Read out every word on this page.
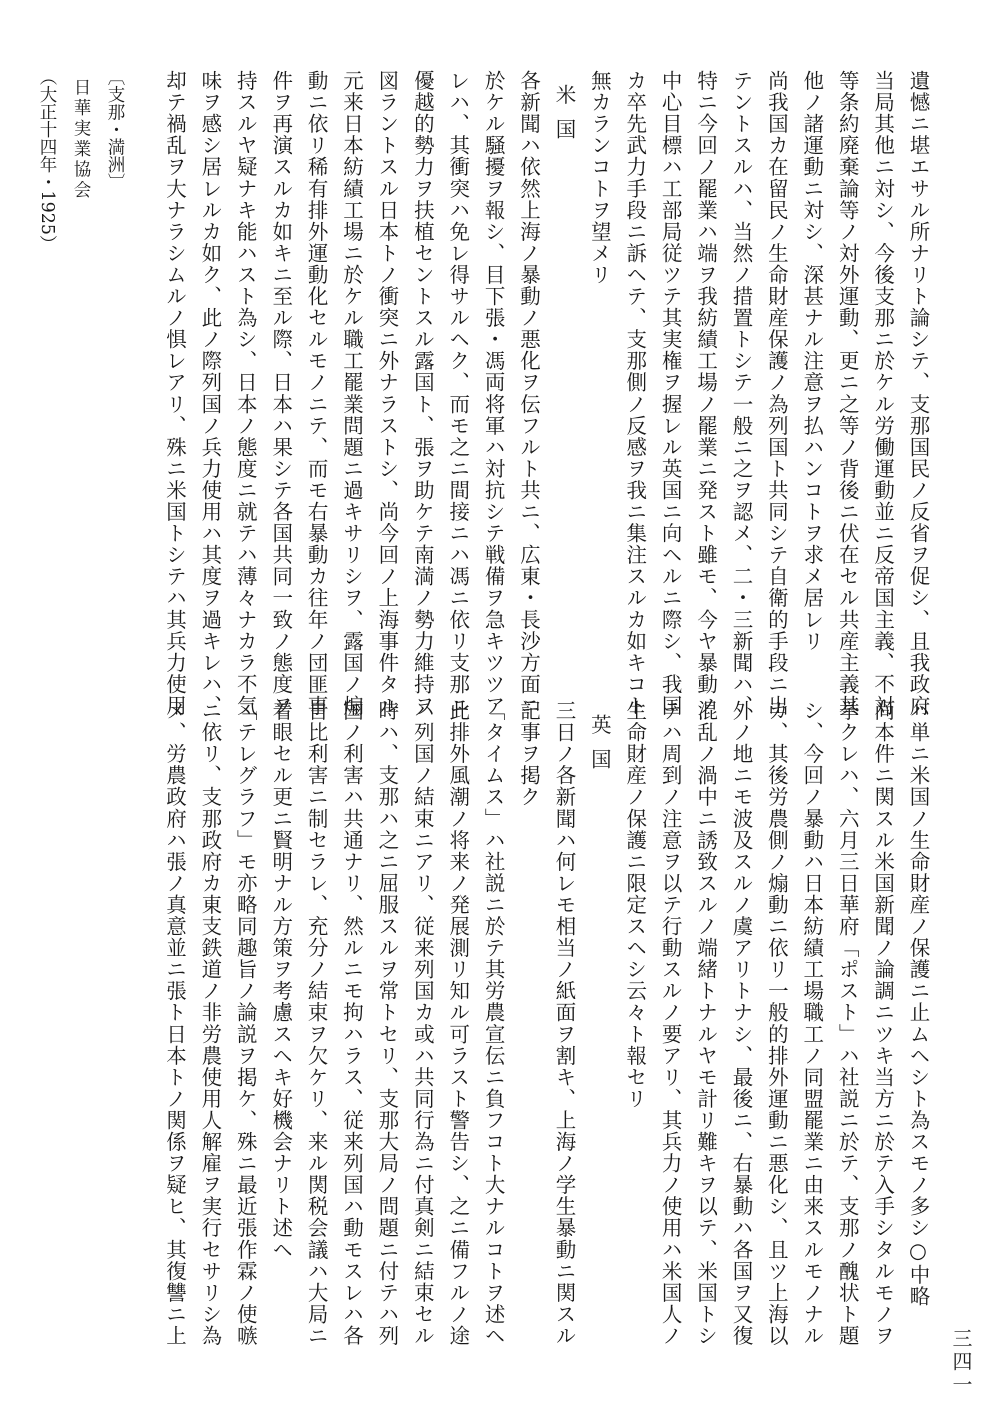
遺憾ニ堪エサル所ナリト論シテ、支那国民ノ反省ヲ促シ、且我政府
当局其他ニ対シ、今後支那ニ於ケル労働運動並ニ反帝国主義、不対
等条約廃棄論等ノ対外運動、更ニ之等ノ背後ニ伏在セル共産主義其
他ノ諸運動ニ対シ、深甚ナル注意ヲ払ハンコトヲ求メ居レリ
尚我国カ在留民ノ生命財産保護ノ為列国ト共同シテ自衛的手段ニ出
テントスルハ、当然ノ措置トシテ一般ニ之ヲ認メ、二・三新聞ハ、
特ニ今回ノ罷業ハ端ヲ我紡績工場ノ罷業ニ発スト雖モ、今ヤ暴動ノ
中心目標ハ工部局従ツテ其実権ヲ握レル英国ニ向ヘルニ際シ、我国
カ卒先武力手段ニ訴ヘテ、支那側ノ反感ヲ我ニ集注スルカ如キコト
無カランコトヲ望メリ
米国
各新聞ハ依然上海ノ暴動ノ悪化ヲ伝フルト共ニ、広東・長沙方面ニ
於ケル騒擾ヲ報シ、目下張・馮両将軍ハ対抗シテ戦備ヲ急キツツア
レハ、其衝突ハ免レ得サルヘク、而モ之ニ間接ニハ馮ニ依リ支那ニ
優越的勢力ヲ扶植セントスル露国ト、張ヲ助ケテ南満ノ勢力維持ヲ
図ラントスル日本トノ衝突ニ外ナラストシ、尚今回ノ上海事件タル
元来日本紡績工場ニ於ケル職工罷業問題ニ過キサリシヲ、露国ノ煽
動ニ依リ稀有排外運動化セルモノニテ、而モ右暴動カ往年ノ団匪事
件ヲ再演スルカ如キニ至ル際、日本ハ果シテ各国共同一致ノ態度ヲ
持スルヤ疑ナキ能ハスト為シ、日本ノ態度ニ就テハ薄々ナカラ不気
味ヲ感シ居レルカ如ク、此ノ際列国ノ兵力使用ハ其度ヲ過キレハ、
却テ禍乱ヲ大ナラシムルノ惧レアリ、殊ニ米国トシテハ其兵力使用
ハ単ニ米国ノ生命財産ノ保護ニ止ムヘシト為スモノ多シ○中略
尚本件ニ関スル米国新聞ノ論調ニツキ当方ニ於テ入手シタルモノヲ
挙クレハ、六月三日華府「ポスト」ハ社説ニ於テ、支那ノ醜状ト題
シ、今回ノ暴動ハ日本紡績工場職工ノ同盟罷業ニ由来スルモノナル
カ、其後労農側ノ煽動ニ依リ一般的排外運動ニ悪化シ、且ツ上海以
外ノ地ニモ波及スルノ虞アリトナシ、最後ニ、右暴動ハ各国ヲ又復
混乱ノ渦中ニ誘致スルノ端緒トナルヤモ計リ難キヲ以テ、米国トシ
テハ周到ノ注意ヲ以テ行動スルノ要アリ、其兵力ノ使用ハ米国人ノ
生命財産ノ保護ニ限定スヘシ云々ト報セリ
英国
三日ノ各新聞ハ何レモ相当ノ紙面ヲ割キ、上海ノ学生暴動ニ関スル
記事ヲ掲ク
「タイムス」ハ社説ニ於テ其労農宣伝ニ負フコト大ナルコトヲ述ヘ
此排外風潮ノ将来ノ発展測リ知ル可ラスト警告シ、之ニ備フルノ途
ハ列国ノ結束ニアリ、従来列国カ或ハ共同行為ニ付真剣ニ結束セル
時ハ、支那ハ之ニ屈服スルヲ常トセリ、支那大局ノ問題ニ付テハ列
国ノ利害ハ共通ナリ、然ルニモ拘ハラス、従来列国ハ動モスレハ各
自比利害ニ制セラレ、充分ノ結束ヲ欠ケリ、来ル関税会議ハ大局ニ
着眼セル更ニ賢明ナル方策ヲ考慮スヘキ好機会ナリト述ヘ
「テレグラフ」モ亦略同趣旨ノ論説ヲ掲ケ、殊ニ最近張作霖ノ使嗾
ニ依リ、支那政府カ東支鉄道ノ非労農使用人解雇ヲ実行セサリシ為
メ、労農政府ハ張ノ真意並ニ張ト日本トノ関係ヲ疑ヒ、其復讐ニ上
〔支那・満洲〕
日華実業協会
（大正十四年・1925）
三四一
